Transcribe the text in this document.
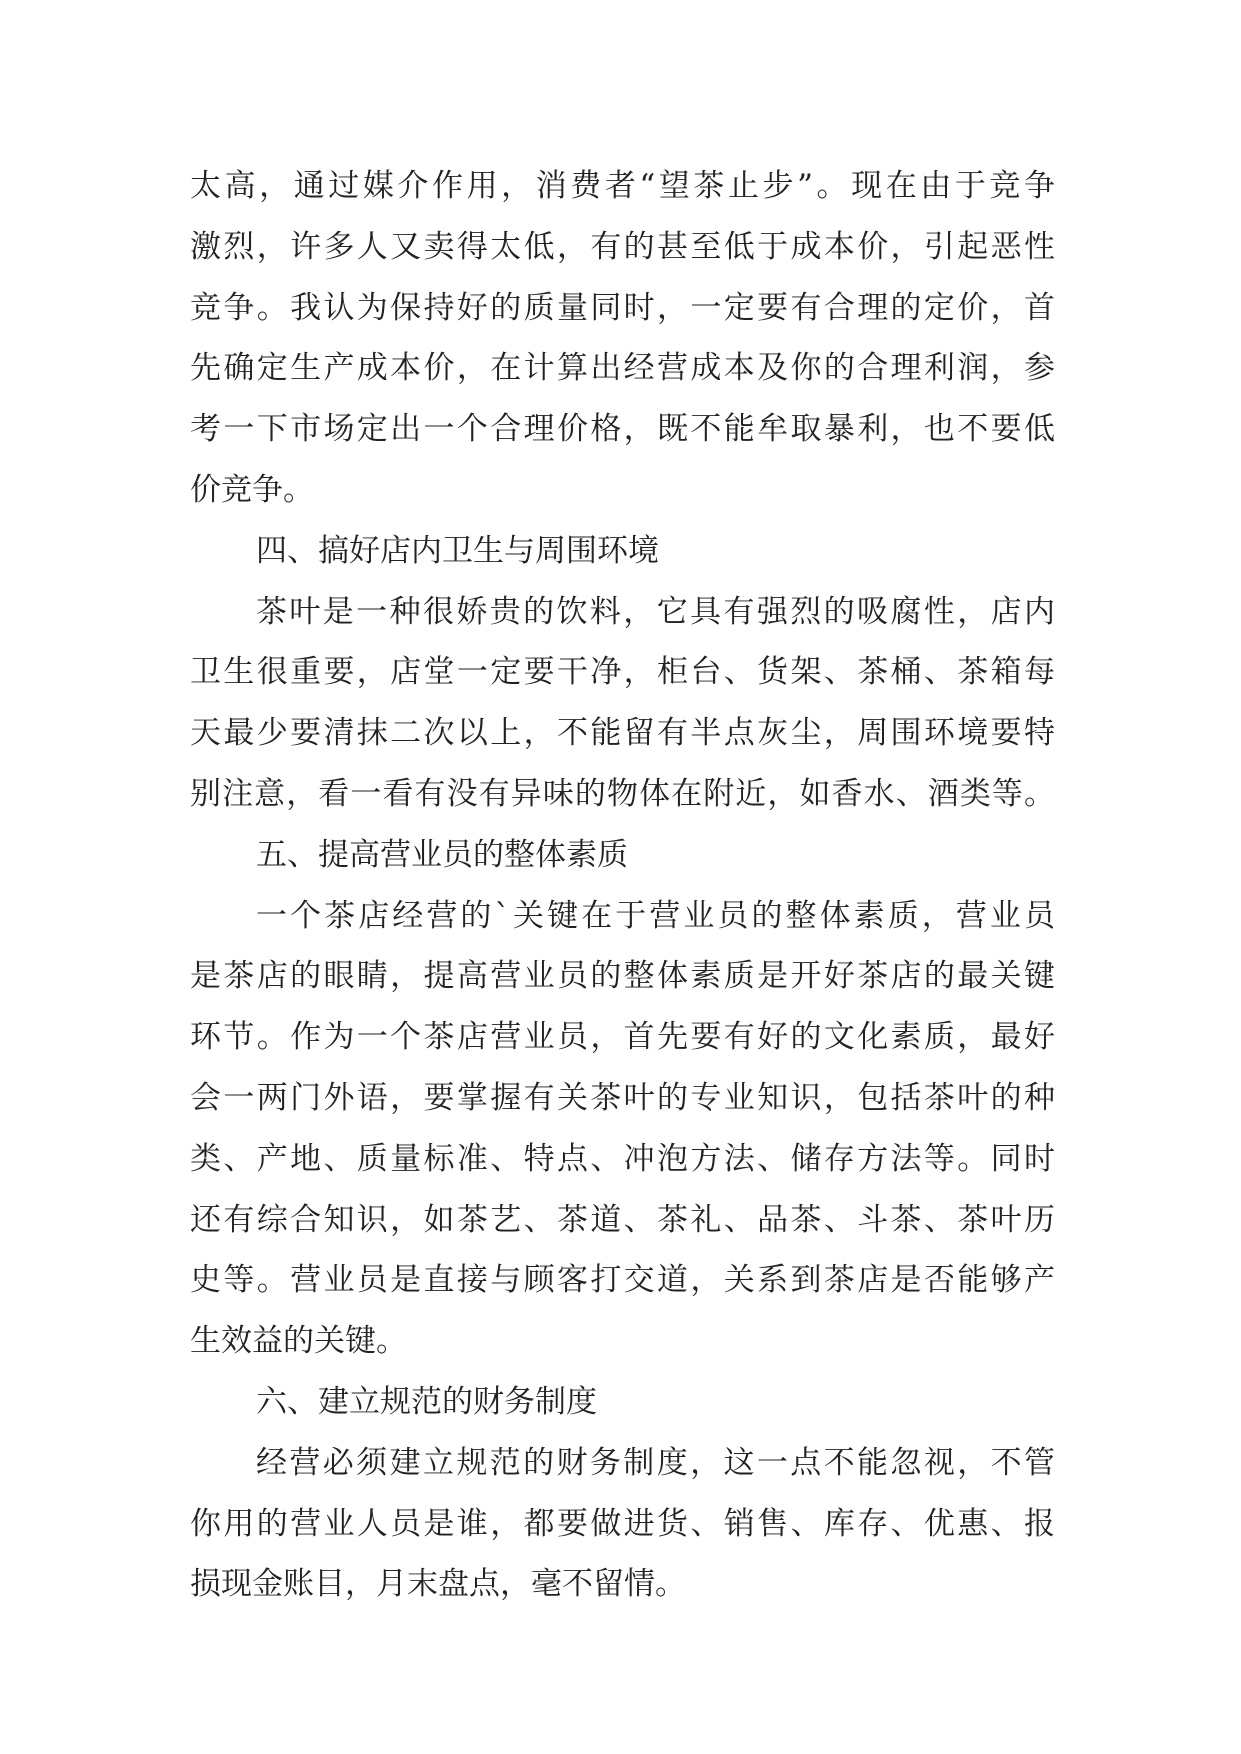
太高，通过媒介作用，消费者“望茶止步”。现在由于竞争
激烈，许多人又卖得太低，有的甚至低于成本价，引起恶性
竞争。我认为保持好的质量同时，一定要有合理的定价，首
先确定生产成本价，在计算出经营成本及你的合理利润，参
考一下市场定出一个合理价格，既不能牟取暴利，也不要低
价竞争。
四、搞好店内卫生与周围环境
茶叶是一种很娇贵的饮料，它具有强烈的吸腐性，店内
卫生很重要，店堂一定要干净，柜台、货架、茶桶、茶箱每
天最少要清抹二次以上，不能留有半点灰尘，周围环境要特
别注意，看一看有没有异味的物体在附近，如香水、酒类等。
五、提高营业员的整体素质
一个茶店经营的`关键在于营业员的整体素质，营业员
是茶店的眼睛，提高营业员的整体素质是开好茶店的最关键
环节。作为一个茶店营业员，首先要有好的文化素质，最好
会一两门外语，要掌握有关茶叶的专业知识，包括茶叶的种
类、产地、质量标准、特点、冲泡方法、储存方法等。同时
还有综合知识，如茶艺、茶道、茶礼、品茶、斗茶、茶叶历
史等。营业员是直接与顾客打交道，关系到茶店是否能够产
生效益的关键。
六、建立规范的财务制度
经营必须建立规范的财务制度，这一点不能忽视，不管
你用的营业人员是谁，都要做进货、销售、库存、优惠、报
损现金账目，月末盘点，毫不留情。
